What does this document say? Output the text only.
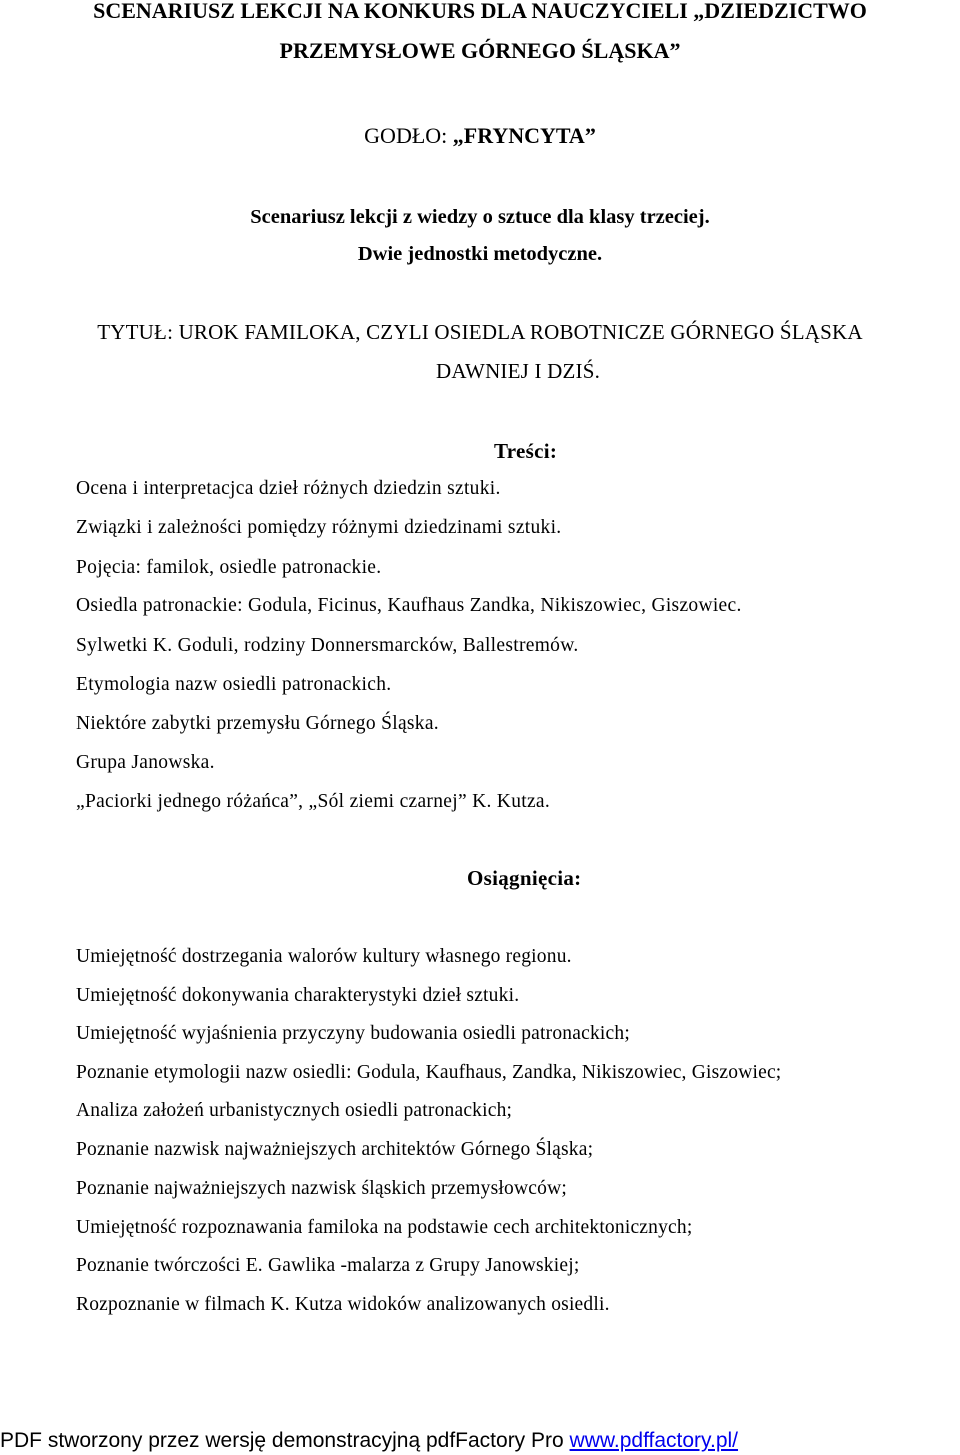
SCENARIUSZ LEKCJI NA KONKURS DLA NAUCZYCIELI „DZIEDZICTWO
PRZEMYSŁOWE GÓRNEGO ŚLĄSKA”
GODŁO: „FRYNCYTA”
Scenariusz lekcji z wiedzy o sztuce dla klasy trzeciej.
Dwie jednostki metodyczne.
TYTUŁ: UROK FAMILOKA, CZYLI OSIEDLA ROBOTNICZE GÓRNEGO ŚLĄSKA
DAWNIEJ I DZIŚ.
Treści:
Ocena i interpretacjca dzieł różnych dziedzin sztuki.
Związki i zależności pomiędzy różnymi dziedzinami sztuki.
Pojęcia: familok, osiedle patronackie.
Osiedla patronackie: Godula, Ficinus, Kaufhaus Zandka, Nikiszowiec, Giszowiec.
Sylwetki K. Goduli, rodziny Donnersmarcków, Ballestremów.
Etymologia nazw osiedli patronackich.
Niektóre zabytki przemysłu Górnego Śląska.
Grupa Janowska.
„Paciorki jednego różańca”, „Sól ziemi czarnej” K. Kutza.
Osiągnięcia:
Umiejętność dostrzegania walorów kultury własnego regionu.
Umiejętność dokonywania charakterystyki dzieł sztuki.
Umiejętność wyjaśnienia przyczyny budowania osiedli patronackich;
Poznanie etymologii nazw osiedli: Godula, Kaufhaus, Zandka, Nikiszowiec, Giszowiec;
Analiza założeń urbanistycznych osiedli patronackich;
Poznanie nazwisk najważniejszych architektów Górnego Śląska;
Poznanie najważniejszych nazwisk śląskich przemysłowców;
Umiejętność rozpoznawania familoka na podstawie cech architektonicznych;
Poznanie twórczości E. Gawlika -malarza z Grupy Janowskiej;
Rozpoznanie w filmach K. Kutza widoków analizowanych osiedli.
PDF stworzony przez wersję demonstracyjną pdfFactory Pro www.pdffactory.pl/
